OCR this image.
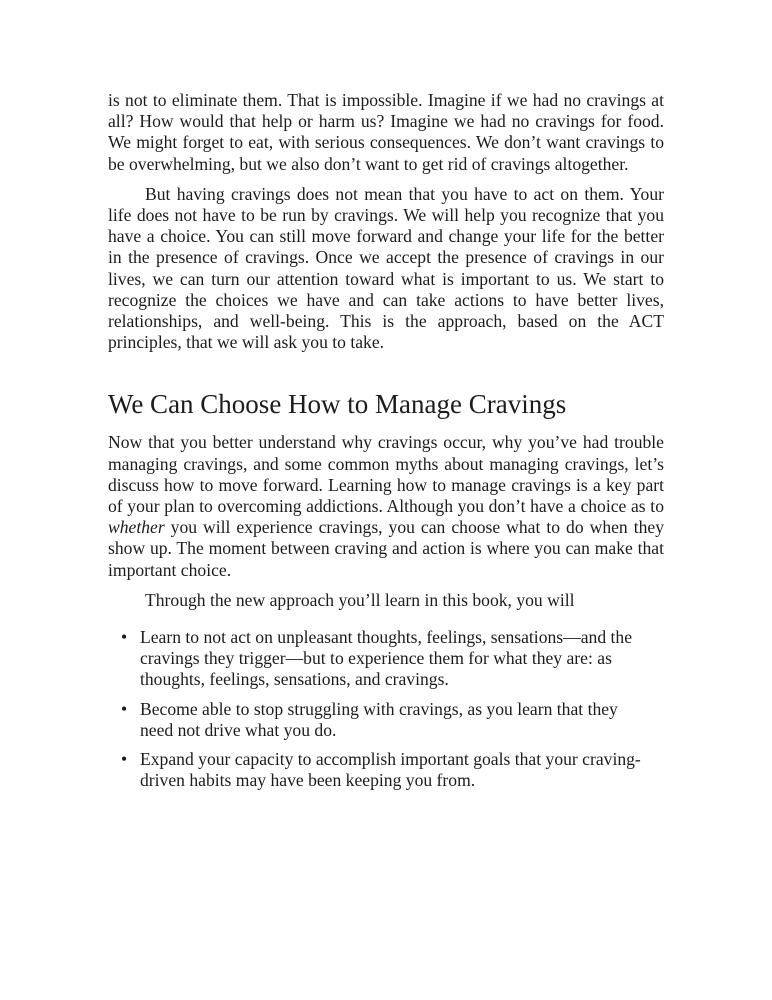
is not to eliminate them. That is impossible. Imagine if we had no cravings at all? How would that help or harm us? Imagine we had no cravings for food. We might forget to eat, with serious consequences. We don’t want cravings to be overwhelming, but we also don’t want to get rid of cravings altogether.

But having cravings does not mean that you have to act on them. Your life does not have to be run by cravings. We will help you recognize that you have a choice. You can still move forward and change your life for the better in the presence of cravings. Once we accept the presence of cravings in our lives, we can turn our attention toward what is important to us. We start to recognize the choices we have and can take actions to have better lives, relationships, and well-being. This is the approach, based on the ACT principles, that we will ask you to take.

We Can Choose How to Manage Cravings

Now that you better understand why cravings occur, why you’ve had trouble managing cravings, and some common myths about managing cravings, let’s discuss how to move forward. Learning how to manage cravings is a key part of your plan to overcoming addictions. Although you don’t have a choice as to whether you will experience cravings, you can choose what to do when they show up. The moment between craving and action is where you can make that important choice.

Through the new approach you’ll learn in this book, you will

• Learn to not act on unpleasant thoughts, feelings, sensations—and the cravings they trigger—but to experience them for what they are: as thoughts, feelings, sensations, and cravings.
• Become able to stop struggling with cravings, as you learn that they need not drive what you do.
• Expand your capacity to accomplish important goals that your craving-driven habits may have been keeping you from.
